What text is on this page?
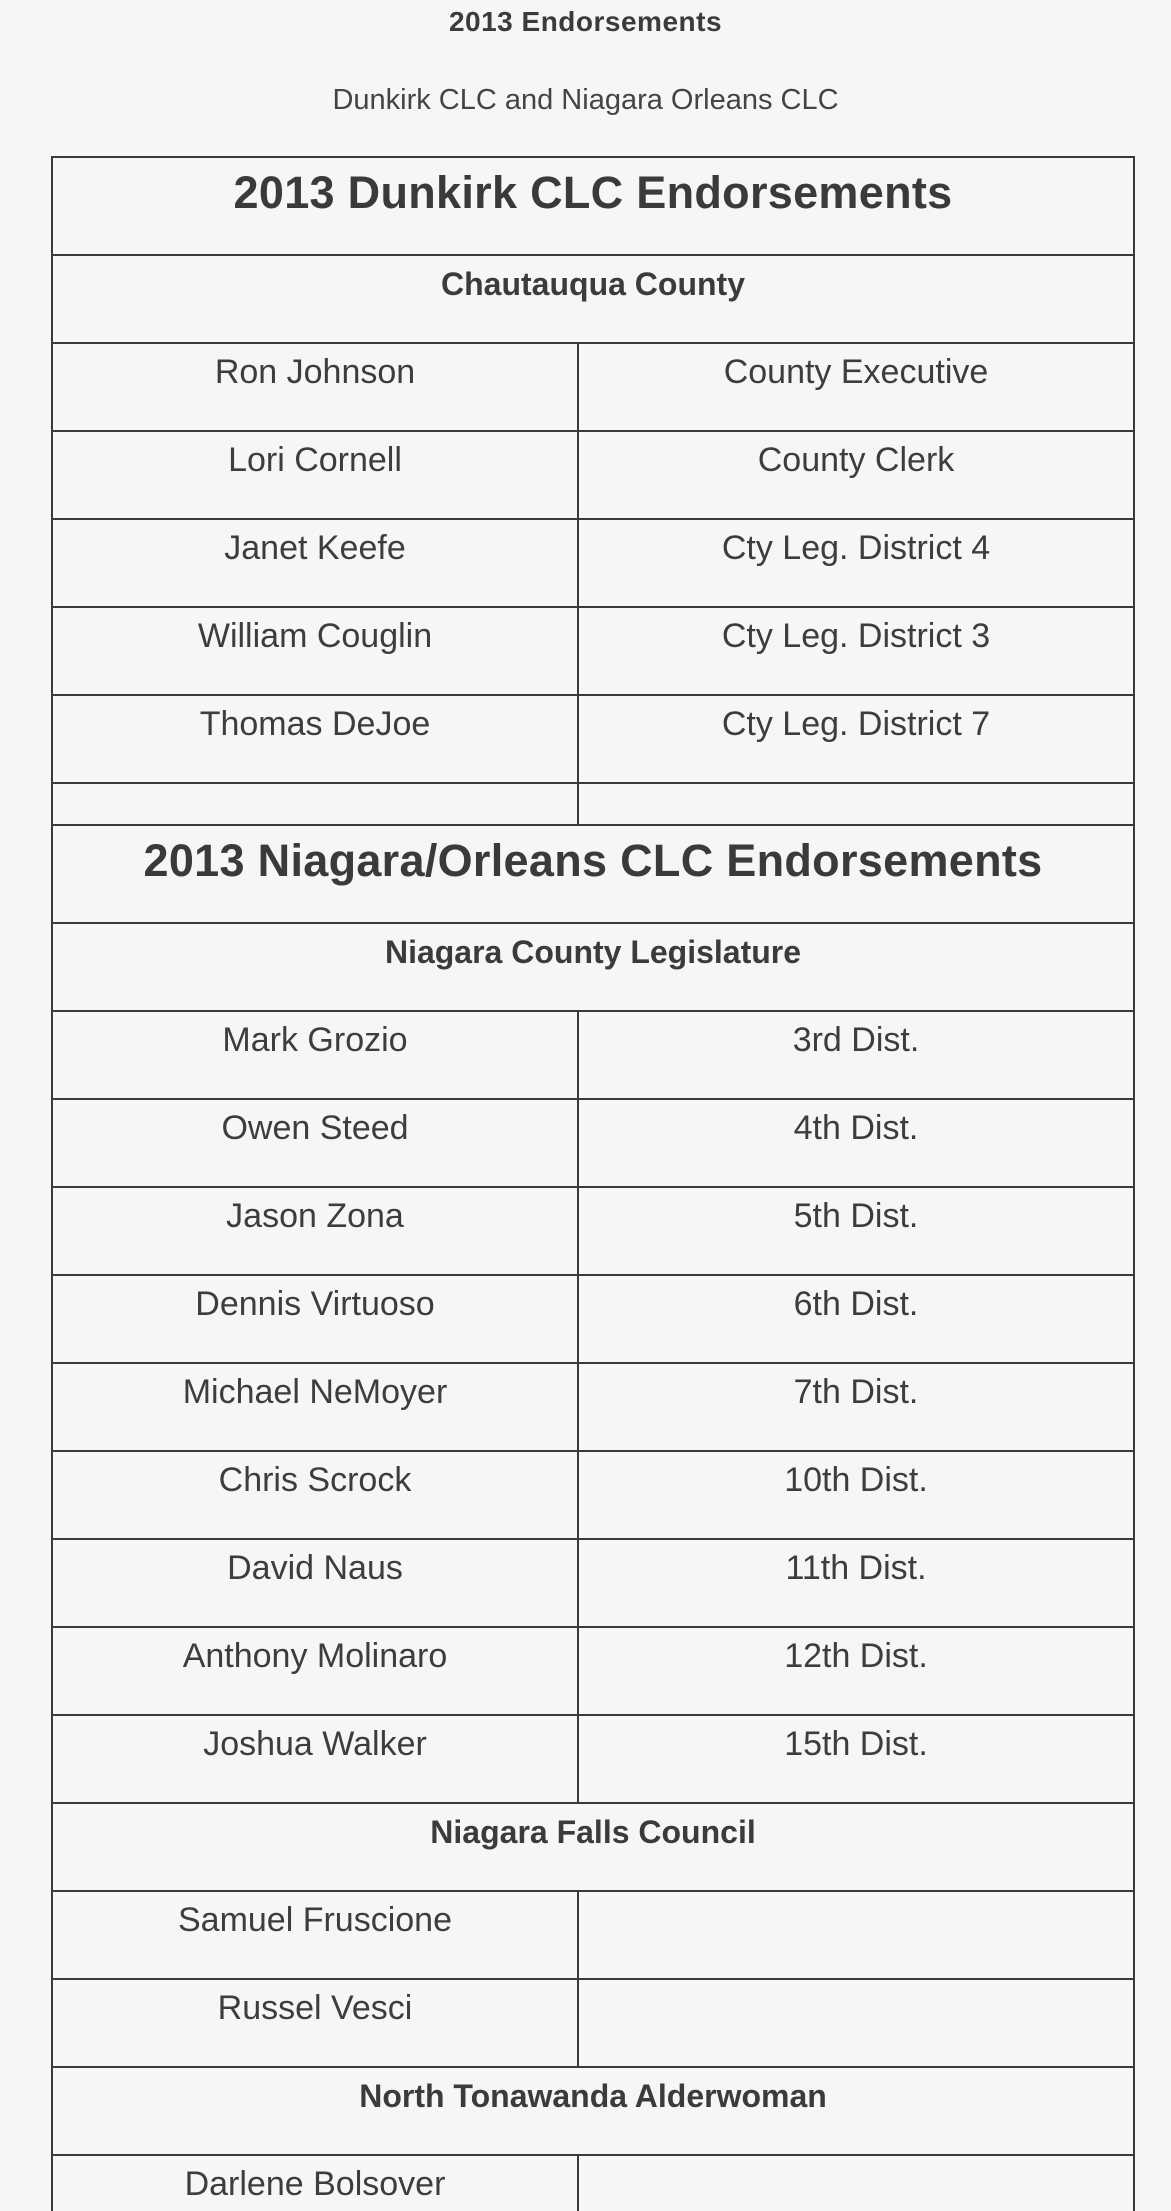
2013 Endorsements
Dunkirk CLC and Niagara Orleans CLC
2013 Dunkirk CLC Endorsements	
Chautauqua County	
Ron Johnson	County Executive
Lori Cornell	County Clerk
Janet Keefe	Cty Leg. District 4
William Couglin	Cty Leg. District 3
Thomas DeJoe	Cty Leg. District 7

2013 Niagara/Orleans CLC Endorsements	
Niagara County Legislature	
Mark Grozio	3rd Dist.
Owen Steed	4th Dist.
Jason Zona	5th Dist.
Dennis Virtuoso	6th Dist.
Michael NeMoyer	7th Dist.
Chris Scrock	10th Dist.
David Naus	11th Dist.
Anthony Molinaro	12th Dist.
Joshua Walker	15th Dist.
Niagara Falls Council	
Samuel Fruscione	
Russel Vesci	
North Tonawanda Alderwoman	
Darlene Bolsover	
